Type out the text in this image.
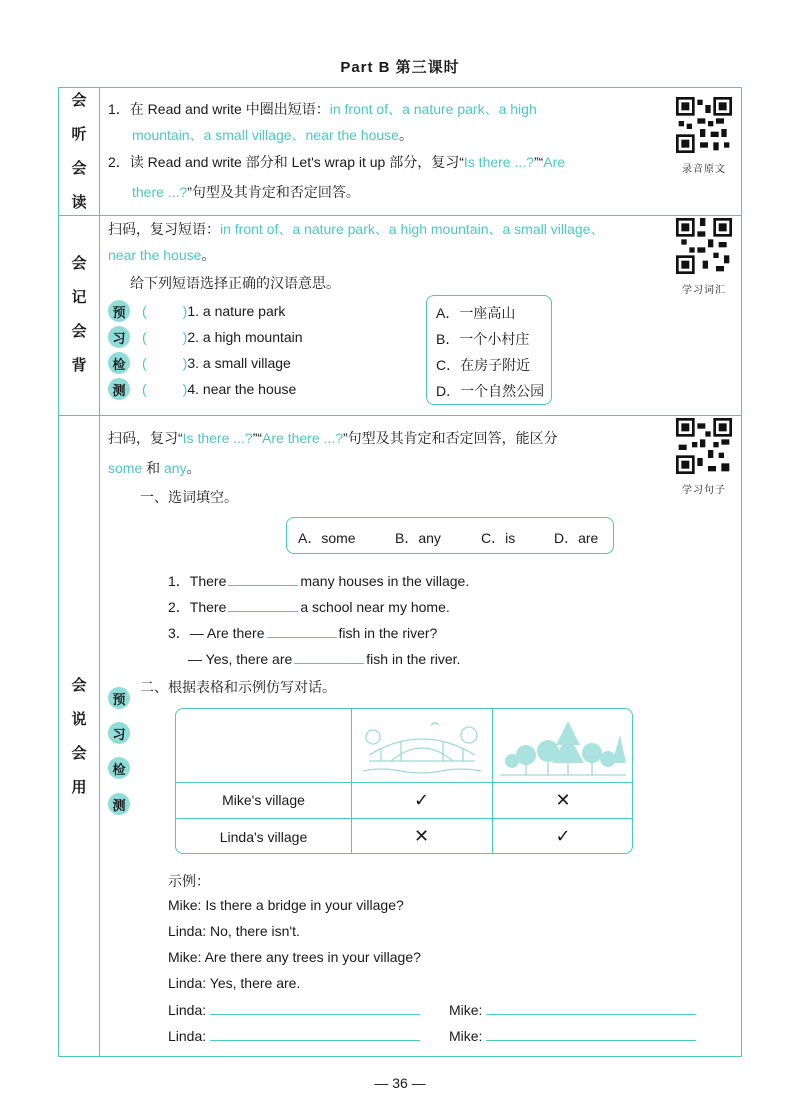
Part B 第三课时
会
听
会
读
会
记
会
背
会
说
会
用
1．在 Read and write 中圈出短语：in front of、a nature park、a high
mountain、a small village、near the house。
2．读 Read and write 部分和 Let's wrap it up 部分，复习“Is there ...?”“Are
there ...?”句型及其肯定和否定回答。
录音原文
扫码，复习短语：in front of、a nature park、a high mountain、a small village、
near the house。
给下列短语选择正确的汉语意思。
预
习
检
测
(	)1. a nature park
(	)2. a high mountain
(	)3. a small village
(	)4. near the house
A．一座高山
B．一个小村庄
C．在房子附近
D．一个自然公园
学习词汇
扫码，复习“Is there ...?”“Are there ...?”句型及其肯定和否定回答，能区分
some 和 any。
一、选词填空。
A．some	B．any	C．is	D．are
1．There	many houses in the village.
2．There	a school near my home.
3．— Are there	fish in the river?
— Yes, there are	fish in the river.
二、根据表格和示例仿写对话。
预
习
检
测	Mike's village	✓	✕
Linda's village	✕	✓
示例：
Mike: Is there a bridge in your village?
Linda: No, there isn't.
Mike: Are there any trees in your village?
Linda: Yes, there are.
Linda:	Mike:
Linda:	Mike:
学习句子
— 36 —
